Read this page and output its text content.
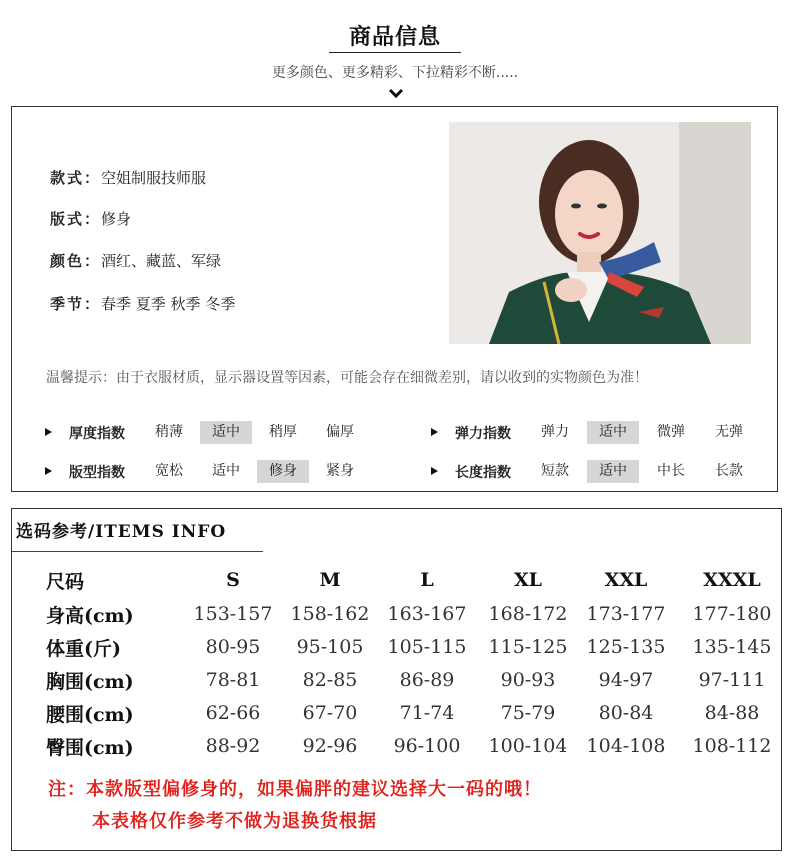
商品信息
更多颜色、更多精彩、下拉精彩不断.....
款式：空姐制服技师服
版式：修身
颜色：酒红、藏蓝、军绿
季节：春季 夏季 秋季 冬季
温馨提示：由于衣服材质，显示器设置等因素，可能会存在细微差别，请以收到的实物颜色为准！
厚度指数	稍薄	适中	稍厚	偏厚	弹力指数	弹力	适中	微弹	无弹
版型指数	宽松	适中	修身	紧身	长度指数	短款	适中	中长	长款
选码参考/ITEMS INFO
尺码	S	M	L	XL	XXL	XXXL
身高(cm)	153-157 158-162 163-167	168-172	173-177	177-180
体重(斤)	80-95	95-105	105-115	115-125	125-135	135-145
胸围(cm)	78-81	82-85	86-89	90-93	94-97	97-111
腰围(cm)	62-66	67-70	71-74	75-79	80-84	84-88
臀围(cm)	88-92	92-96	96-100	100-104	104-108	108-112
注：本款版型偏修身的，如果偏胖的建议选择大一码的哦！
本表格仅作参考不做为退换货根据
